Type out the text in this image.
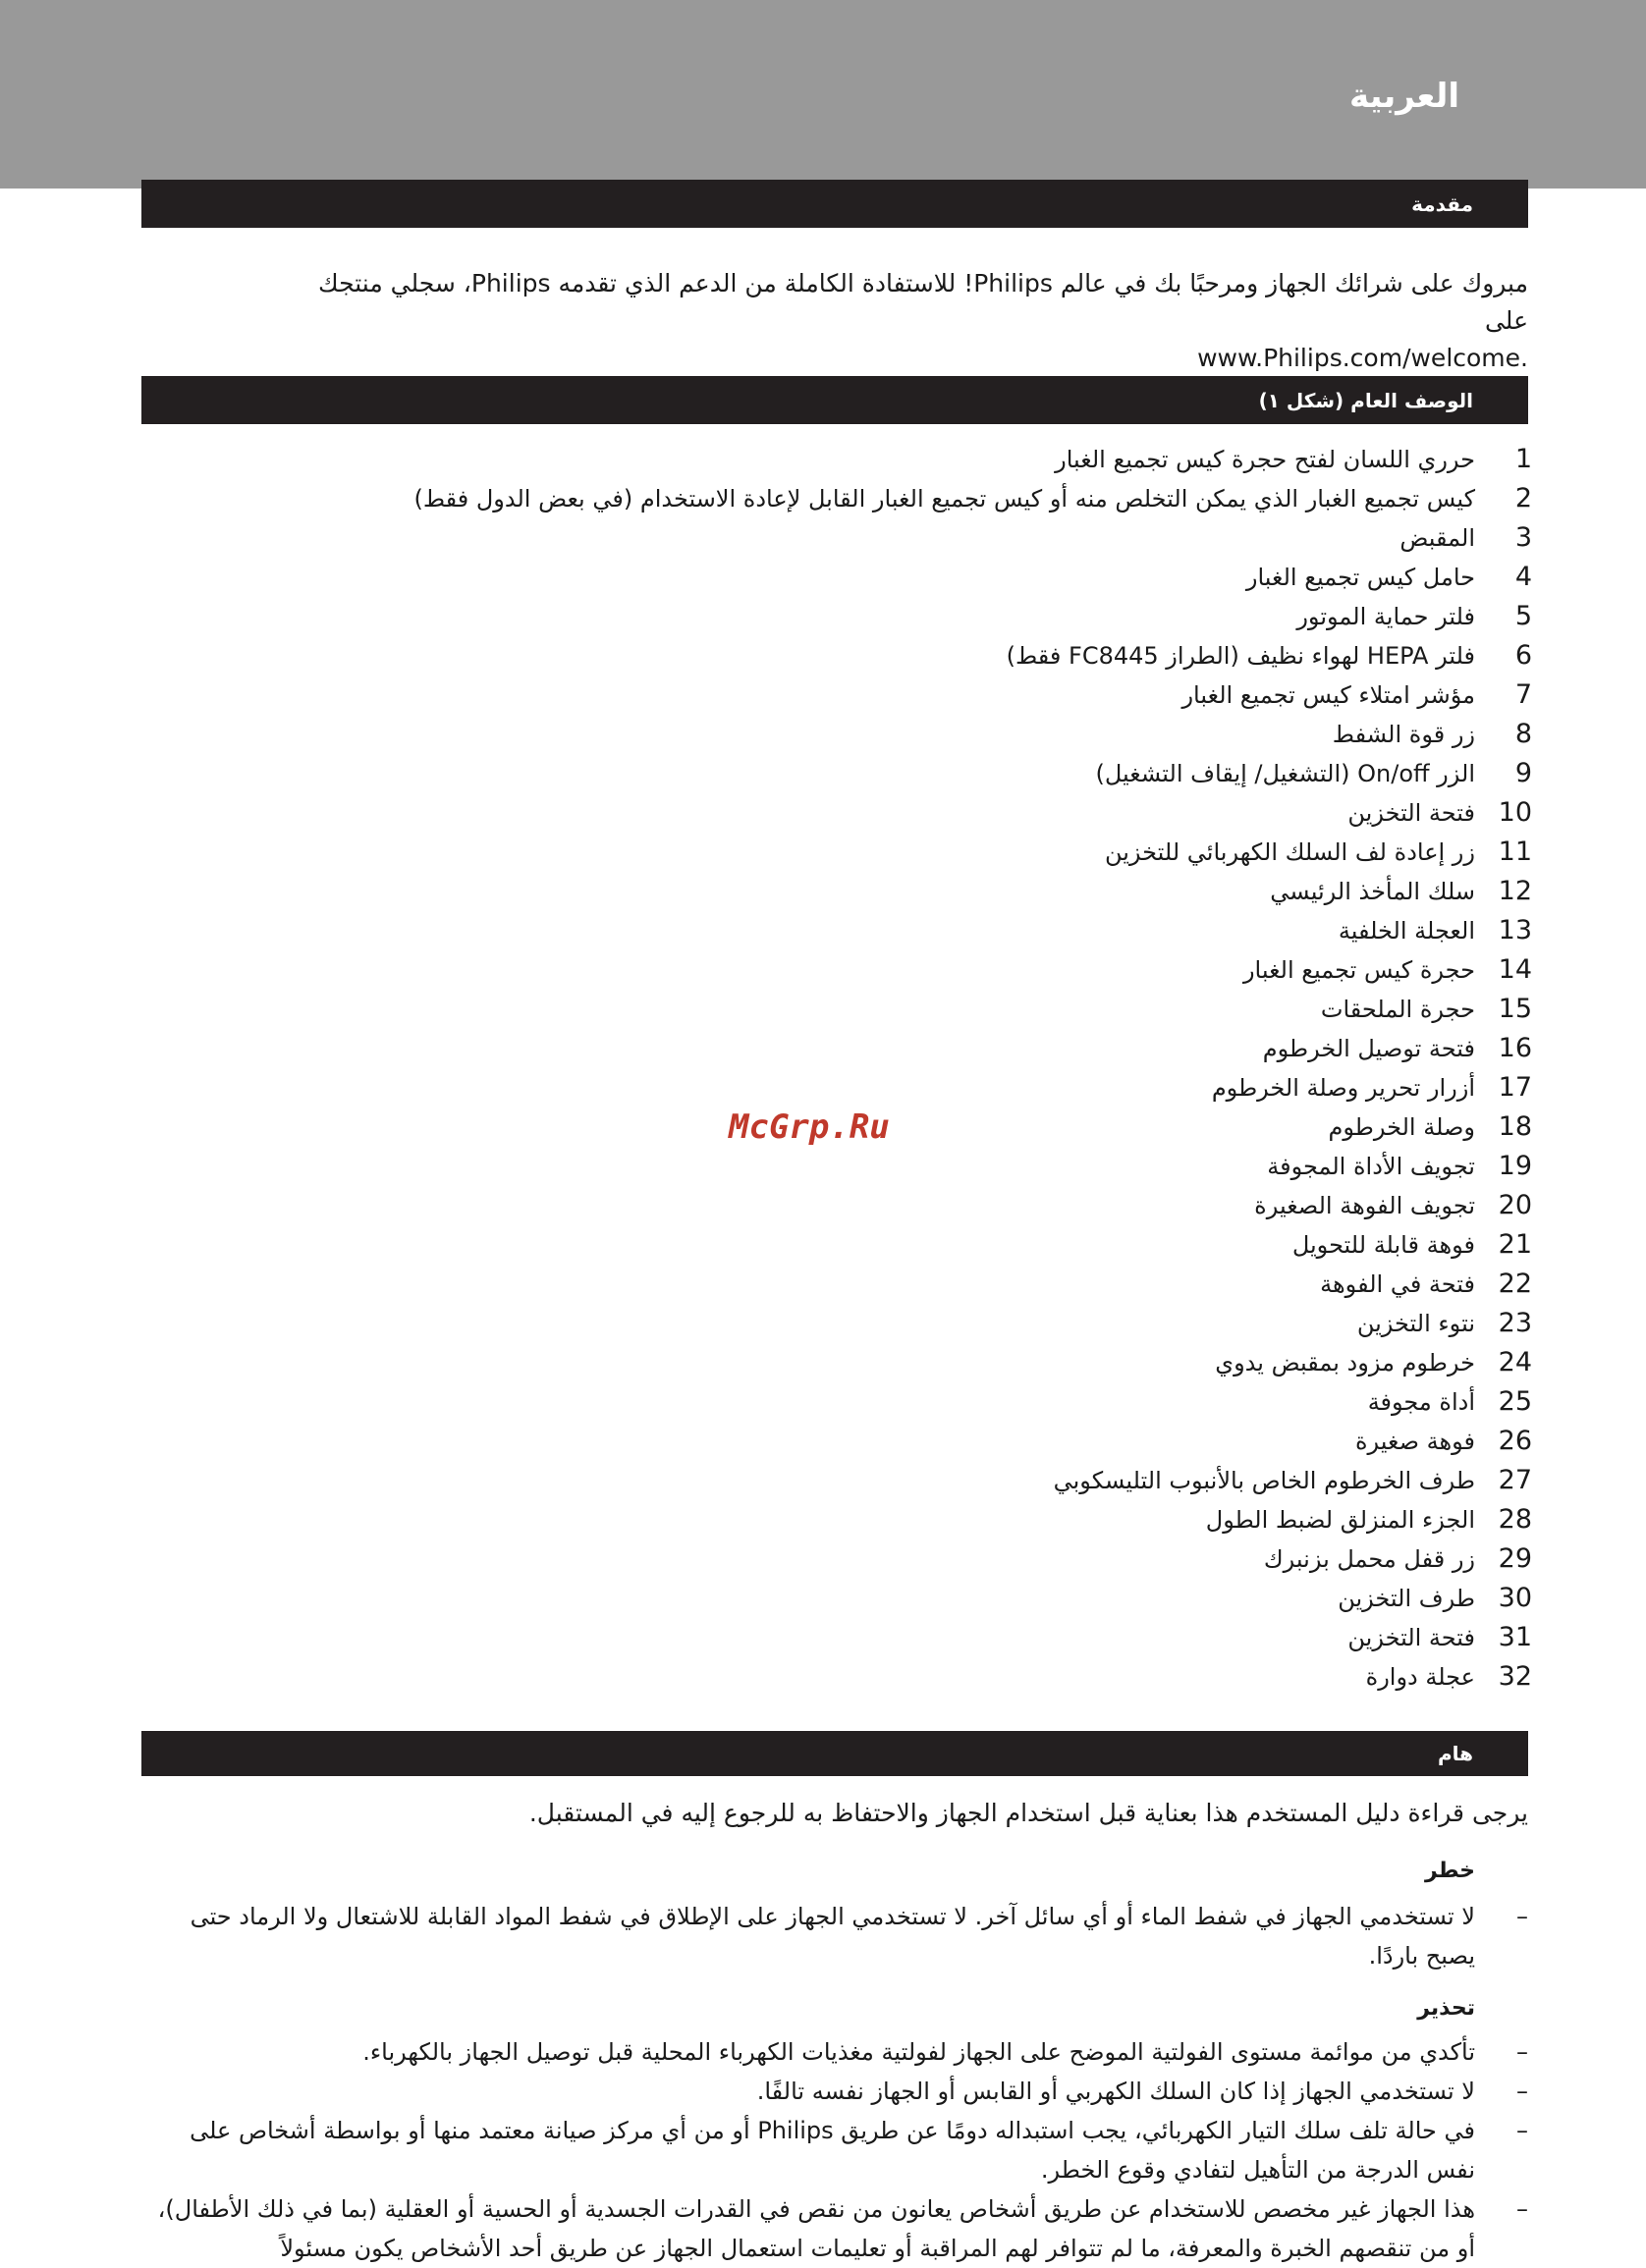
العربية
مقدمة
مبروك على شرائك الجهاز ومرحبًا بك في عالم Philips! للاستفادة الكاملة من الدعم الذي تقدمه Philips، سجلي منتجك على
.www.Philips.com/welcome
الوصف العام (شكل ١)
1
حرري اللسان لفتح حجرة كيس تجميع الغبار
2
كيس تجميع الغبار الذي يمكن التخلص منه أو كيس تجميع الغبار القابل لإعادة الاستخدام (في بعض الدول فقط)
3
المقبض
4
حامل كيس تجميع الغبار
5
فلتر حماية الموتور
6
فلتر HEPA لهواء نظيف (الطراز FC8445 فقط)
7
مؤشر امتلاء كيس تجميع الغبار
8
زر قوة الشفط
9
الزر On/off (التشغيل/ إيقاف التشغيل)
10
فتحة التخزين
11
زر إعادة لف السلك الكهربائي للتخزين
12
سلك المأخذ الرئيسي
13
العجلة الخلفية
14
حجرة كيس تجميع الغبار
15
حجرة الملحقات
16
فتحة توصيل الخرطوم
17
أزرار تحرير وصلة الخرطوم
18
وصلة الخرطوم
19
تجويف الأداة المجوفة
20
تجويف الفوهة الصغيرة
21
فوهة قابلة للتحويل
22
فتحة في الفوهة
23
نتوء التخزين
24
خرطوم مزود بمقبض يدوي
25
أداة مجوفة
26
فوهة صغيرة
27
طرف الخرطوم الخاص بالأنبوب التليسكوبي
28
الجزء المنزلق لضبط الطول
29
زر قفل محمل بزنبرك
30
طرف التخزين
31
فتحة التخزين
32
عجلة دوارة
McGrp.Ru
هام
يرجى قراءة دليل المستخدم هذا بعناية قبل استخدام الجهاز والاحتفاظ به للرجوع إليه في المستقبل.
خطر
–
لا تستخدمي الجهاز في شفط الماء أو أي سائل آخر. لا تستخدمي الجهاز على الإطلاق في شفط المواد القابلة للاشتعال ولا الرماد حتى يصبح باردًا.
تحذير
–
تأكدي من موائمة مستوى الفولتية الموضح على الجهاز لفولتية مغذيات الكهرباء المحلية قبل توصيل الجهاز بالكهرباء.
–
لا تستخدمي الجهاز إذا كان السلك الكهربي أو القابس أو الجهاز نفسه تالفًا.
–
في حالة تلف سلك التيار الكهربائي، يجب استبداله دومًا عن طريق Philips أو من أي مركز صيانة معتمد منها أو بواسطة أشخاص على نفس الدرجة من التأهيل لتفادي وقوع الخطر.
–
هذا الجهاز غير مخصص للاستخدام عن طريق أشخاص يعانون من نقص في القدرات الجسدية أو الحسية أو العقلية (بما في ذلك الأطفال)، أو من تنقصهم الخبرة والمعرفة، ما لم تتوافر لهم المراقبة أو تعليمات استعمال الجهاز عن طريق أحد الأشخاص يكون مسئولاً
